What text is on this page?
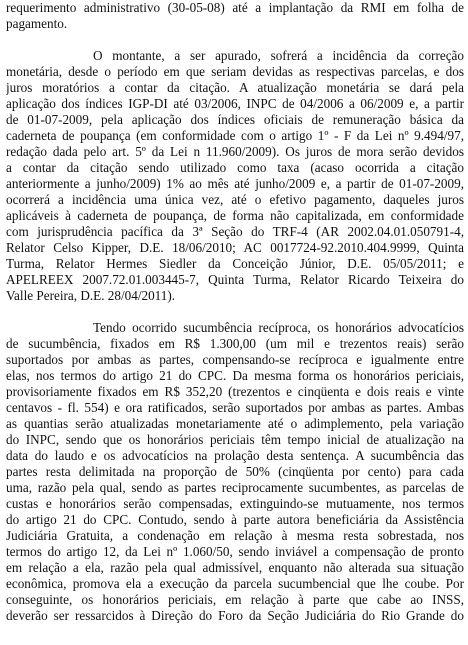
requerimento administrativo (30-05-08) até a implantação da RMI em folha de
pagamento.
O montante, a ser apurado, sofrerá a incidência da correção
monetária, desde o período em que seriam devidas as respectivas parcelas, e dos
juros moratórios a contar da citação. A atualização monetária se dará pela
aplicação dos índices IGP-DI até 03/2006, INPC de 04/2006 a 06/2009 e, a partir
de 01-07-2009, pela aplicação dos índices oficiais de remuneração básica da
caderneta de poupança (em conformidade com o artigo 1º - F da Lei nº 9.494/97,
redação dada pelo art. 5º da Lei n 11.960/2009). Os juros de mora serão devidos
a contar da citação sendo utilizado como taxa (acaso ocorrida a citação
anteriormente a junho/2009) 1% ao mês até junho/2009 e, a partir de 01-07-2009,
ocorrerá a incidência uma única vez, até o efetivo pagamento, daqueles juros
aplicáveis à caderneta de poupança, de forma não capitalizada, em conformidade
com jurisprudência pacífica da 3ª Seção do TRF-4 (AR 2002.04.01.050791-4,
Relator Celso Kipper, D.E. 18/06/2010; AC 0017724-92.2010.404.9999, Quinta
Turma, Relator Hermes Siedler da Conceição Júnior, D.E. 05/05/2011; e
APELREEX 2007.72.01.003445-7, Quinta Turma, Relator Ricardo Teixeira do
Valle Pereira, D.E. 28/04/2011).
Tendo ocorrido sucumbência recíproca, os honorários advocatícios
de sucumbência, fixados em R$ 1.300,00 (um mil e trezentos reais) serão
suportados por ambas as partes, compensando-se recíproca e igualmente entre
elas, nos termos do artigo 21 do CPC. Da mesma forma os honorários periciais,
provisoriamente fixados em R$ 352,20 (trezentos e cinqüenta e dois reais e vinte
centavos - fl. 554) e ora ratificados, serão suportados por ambas as partes. Ambas
as quantias serão atualizadas monetariamente até o adimplemento, pela variação
do INPC, sendo que os honorários periciais têm tempo inicial de atualização na
data do laudo e os advocatícios na prolação desta sentença. A sucumbência das
partes resta delimitada na proporção de 50% (cinqüenta por cento) para cada
uma, razão pela qual, sendo as partes reciprocamente sucumbentes, as parcelas de
custas e honorários serão compensadas, extinguindo-se mutuamente, nos termos
do artigo 21 do CPC. Contudo, sendo à parte autora beneficiária da Assistência
Judiciária Gratuita, a condenação em relação à mesma resta sobrestada, nos
termos do artigo 12, da Lei nº 1.060/50, sendo inviável a compensação de pronto
em relação a ela, razão pela qual admissível, enquanto não alterada sua situação
econômica, promova ela a execução da parcela sucumbencial que lhe coube. Por
conseguinte, os honorários periciais, em relação à parte que cabe ao INSS,
deverão ser ressarcidos à Direção do Foro da Seção Judiciária do Rio Grande do
